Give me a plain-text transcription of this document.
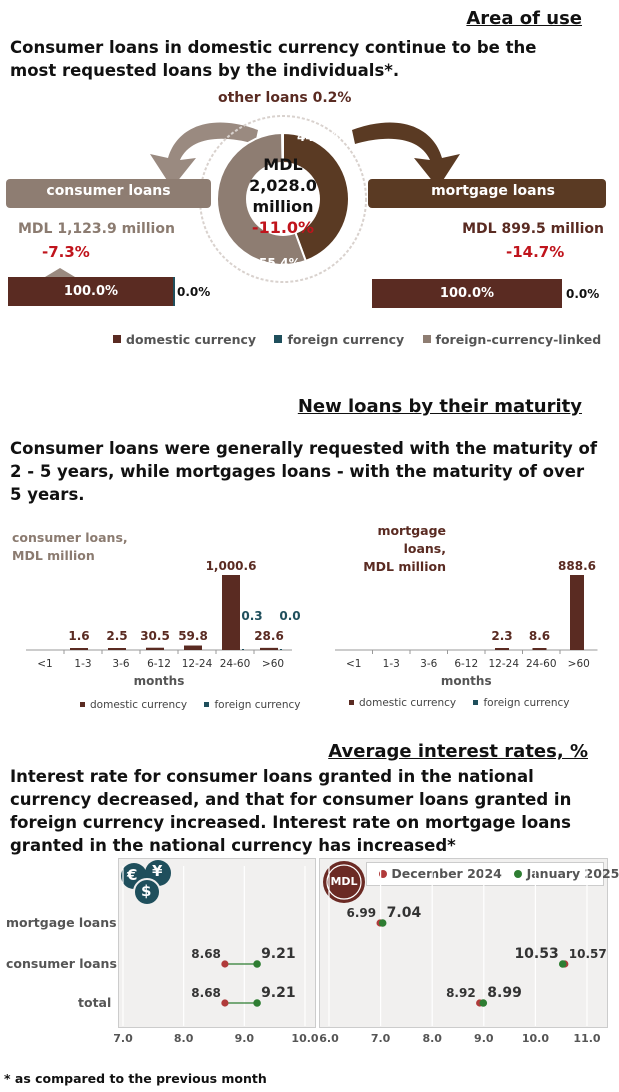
Area of use
Consumer loans in domestic currency continue to be the most requested loans by the individuals*.
other loans 0.2%
44.4%
55.4%
MDL
2,028.0
million
-11.0%
consumer loans	mortgage loans
MDL 1,123.9 million
-7.3%
MDL 899.5 million
-14.7%
100.0%	0.0%	100.0%	0.0%
domestic currency
	foreign currency
	foreign-currency-linked
New loans by their maturity
Consumer loans were generally requested with the maturity of 2 - 5 years, while mortgages loans - with the maturity of over 5 years.
consumer loans,
MDL million
mortgage loans,
MDL million
<1
1.6
1-3
2.5
3-6
30.5
6-12
59.8
12-24
1,000.6
0.3
24-60
28.6
0.0
>60
months
<1 1-3 3-6 6-12
2.3
12-24
8.6
24-60
888.6
>60
months
domestic currency
	foreign currency	domestic currency
	foreign currency
Average interest rates, %
Interest rate for consumer loans granted in the national currency decreased, and that for consumer loans granted in foreign currency increased. Interest rate on mortgage loans granted in the national currency has increased*
€ ¥
$
MDL
December 2024 January 2025
mortgage loans
consumer loans
total
7.0	8.0	9.0	10.0
8.68	9.21
8.68	9.21
6.0	7.0	8.0	9.0	10.0 11.0
6.99 7.04
10.53 10.57
8.92 8.99
* as compared to the previous month
